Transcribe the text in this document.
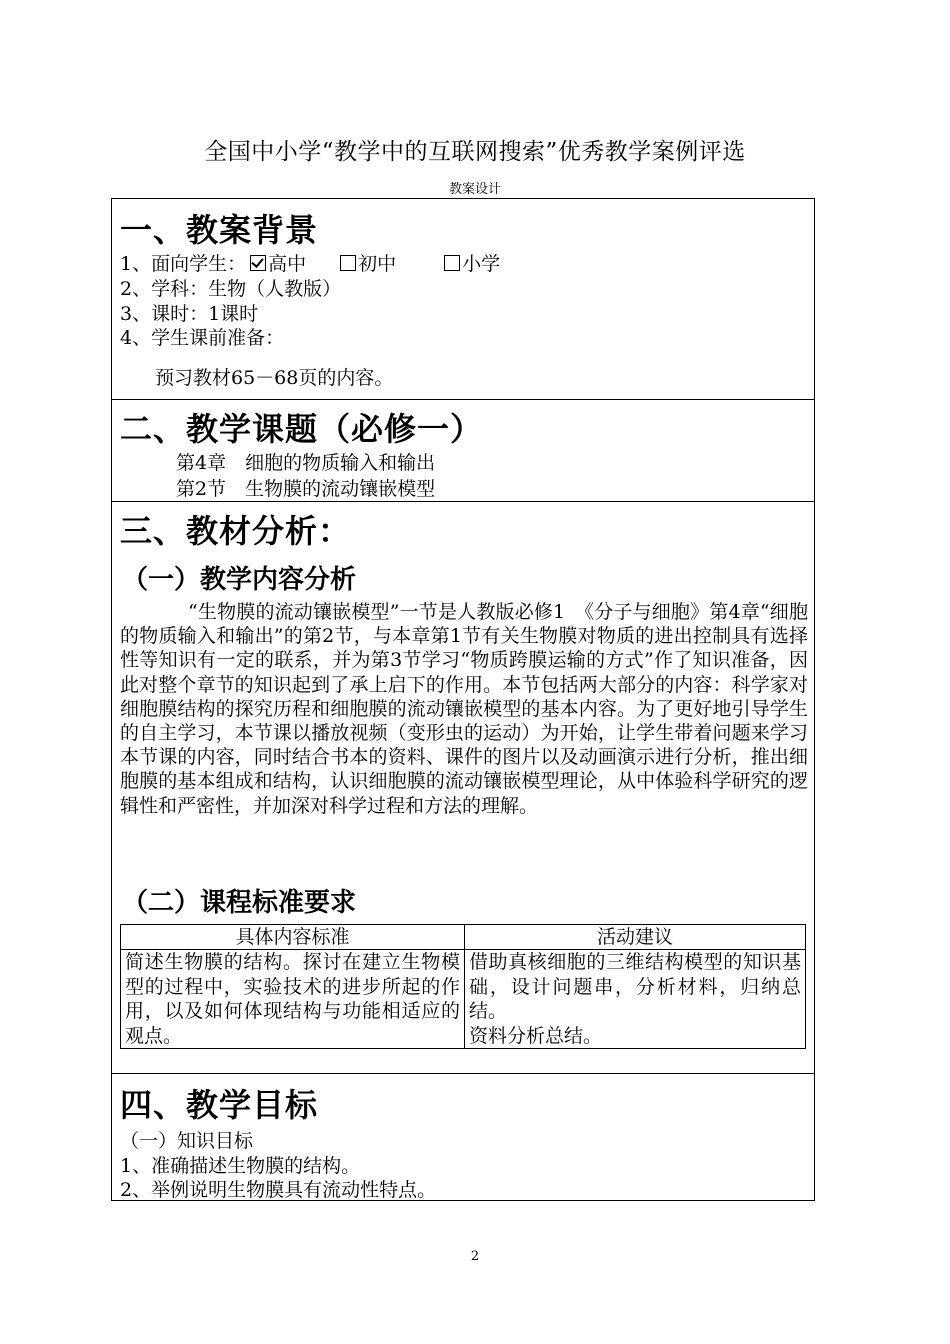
全国中小学“教学中的互联网搜索”优秀教学案例评选
教案设计
一、教案背景
1、面向学生： 高中	初中	小学
2、学科：生物（人教版）
3、课时：1课时
4、学生课前准备：
预习教材65－68页的内容。
二、教学课题（必修一）
第4章　细胞的物质输入和输出
第2节　生物膜的流动镶嵌模型
三、教材分析：
（一）教学内容分析
“生物膜的流动镶嵌模型”一节是人教版必修1　《分子与细胞》第4章“细胞的物质输入和输出”的第2节，与本章第1节有关生物膜对物质的进出控制具有选择性等知识有一定的联系，并为第3节学习“物质跨膜运输的方式”作了知识准备，因此对整个章节的知识起到了承上启下的作用。本节包括两大部分的内容：科学家对细胞膜结构的探究历程和细胞膜的流动镶嵌模型的基本内容。为了更好地引导学生的自主学习，本节课以播放视频（变形虫的运动）为开始，让学生带着问题来学习本节课的内容，同时结合书本的资料、课件的图片以及动画演示进行分析，推出细胞膜的基本组成和结构，认识细胞膜的流动镶嵌模型理论，从中体验科学研究的逻辑性和严密性，并加深对科学过程和方法的理解。
（二）课程标准要求
具体内容标准	活动建议
简述生物膜的结构。探讨在建立生物模型的过程中，实验技术的进步所起的作用，以及如何体现结构与功能相适应的观点。	借助真核细胞的三维结构模型的知识基础，设计问题串，分析材料，归纳总结。
资料分析总结。
四、教学目标
（一）知识目标
1、准确描述生物膜的结构。
2、举例说明生物膜具有流动性特点。
2
